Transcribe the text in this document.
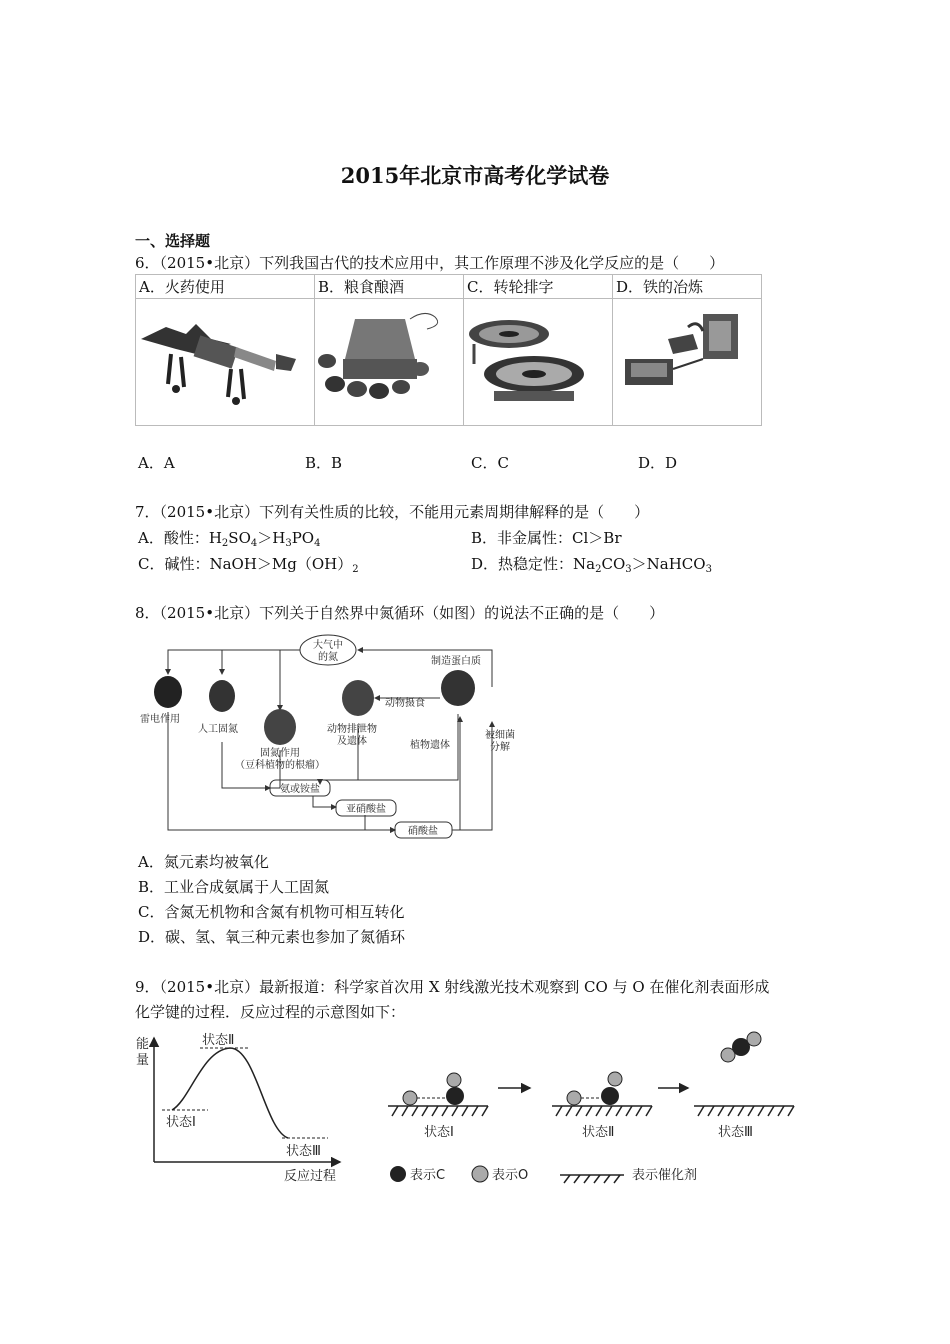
2015年北京市高考化学试卷
一、选择题
6．（2015•北京）下列我国古代的技术应用中，其工作原理不涉及化学反应的是（　　）
A．火药使用	B．粮食酿酒	C．转轮排字	D．铁的冶炼

A．A	B．B	C．C	D．D
7．（2015•北京）下列有关性质的比较，不能用元素周期律解释的是（　　）
A．酸性：$H_2SO_4>H_3PO_4$	B．非金属性：Cl＞Br
C．碱性：$NaOH>Mg(OH)_2$	D．热稳定性：$Na_2CO_3>NaHCO_3$
8．（2015•北京）下列关于自然界中氮循环（如图）的说法不正确的是（　　）
大气中
的氮
雷电作用
人工固氮
固氮作用
（豆科植物的根瘤）
动物排泄物
及遗体
动物摄食
制造蛋白质
植物遗体
被细菌
分解
氨或铵盐
亚硝酸盐
硝酸盐
A．氮元素均被氧化
B．工业合成氨属于人工固氮
C．含氮无机物和含氮有机物可相互转化
D．碳、氢、氧三种元素也参加了氮循环
9．（2015•北京）最新报道：科学家首次用 X 射线激光技术观察到 CO 与 O 在催化剂表面形成
化学键的过程．反应过程的示意图如下：
能
量
状态Ⅱ
状态Ⅰ
状态Ⅲ
反应过程
状态Ⅰ	状态Ⅱ	状态Ⅲ
表示C	表示O	表示催化剂
